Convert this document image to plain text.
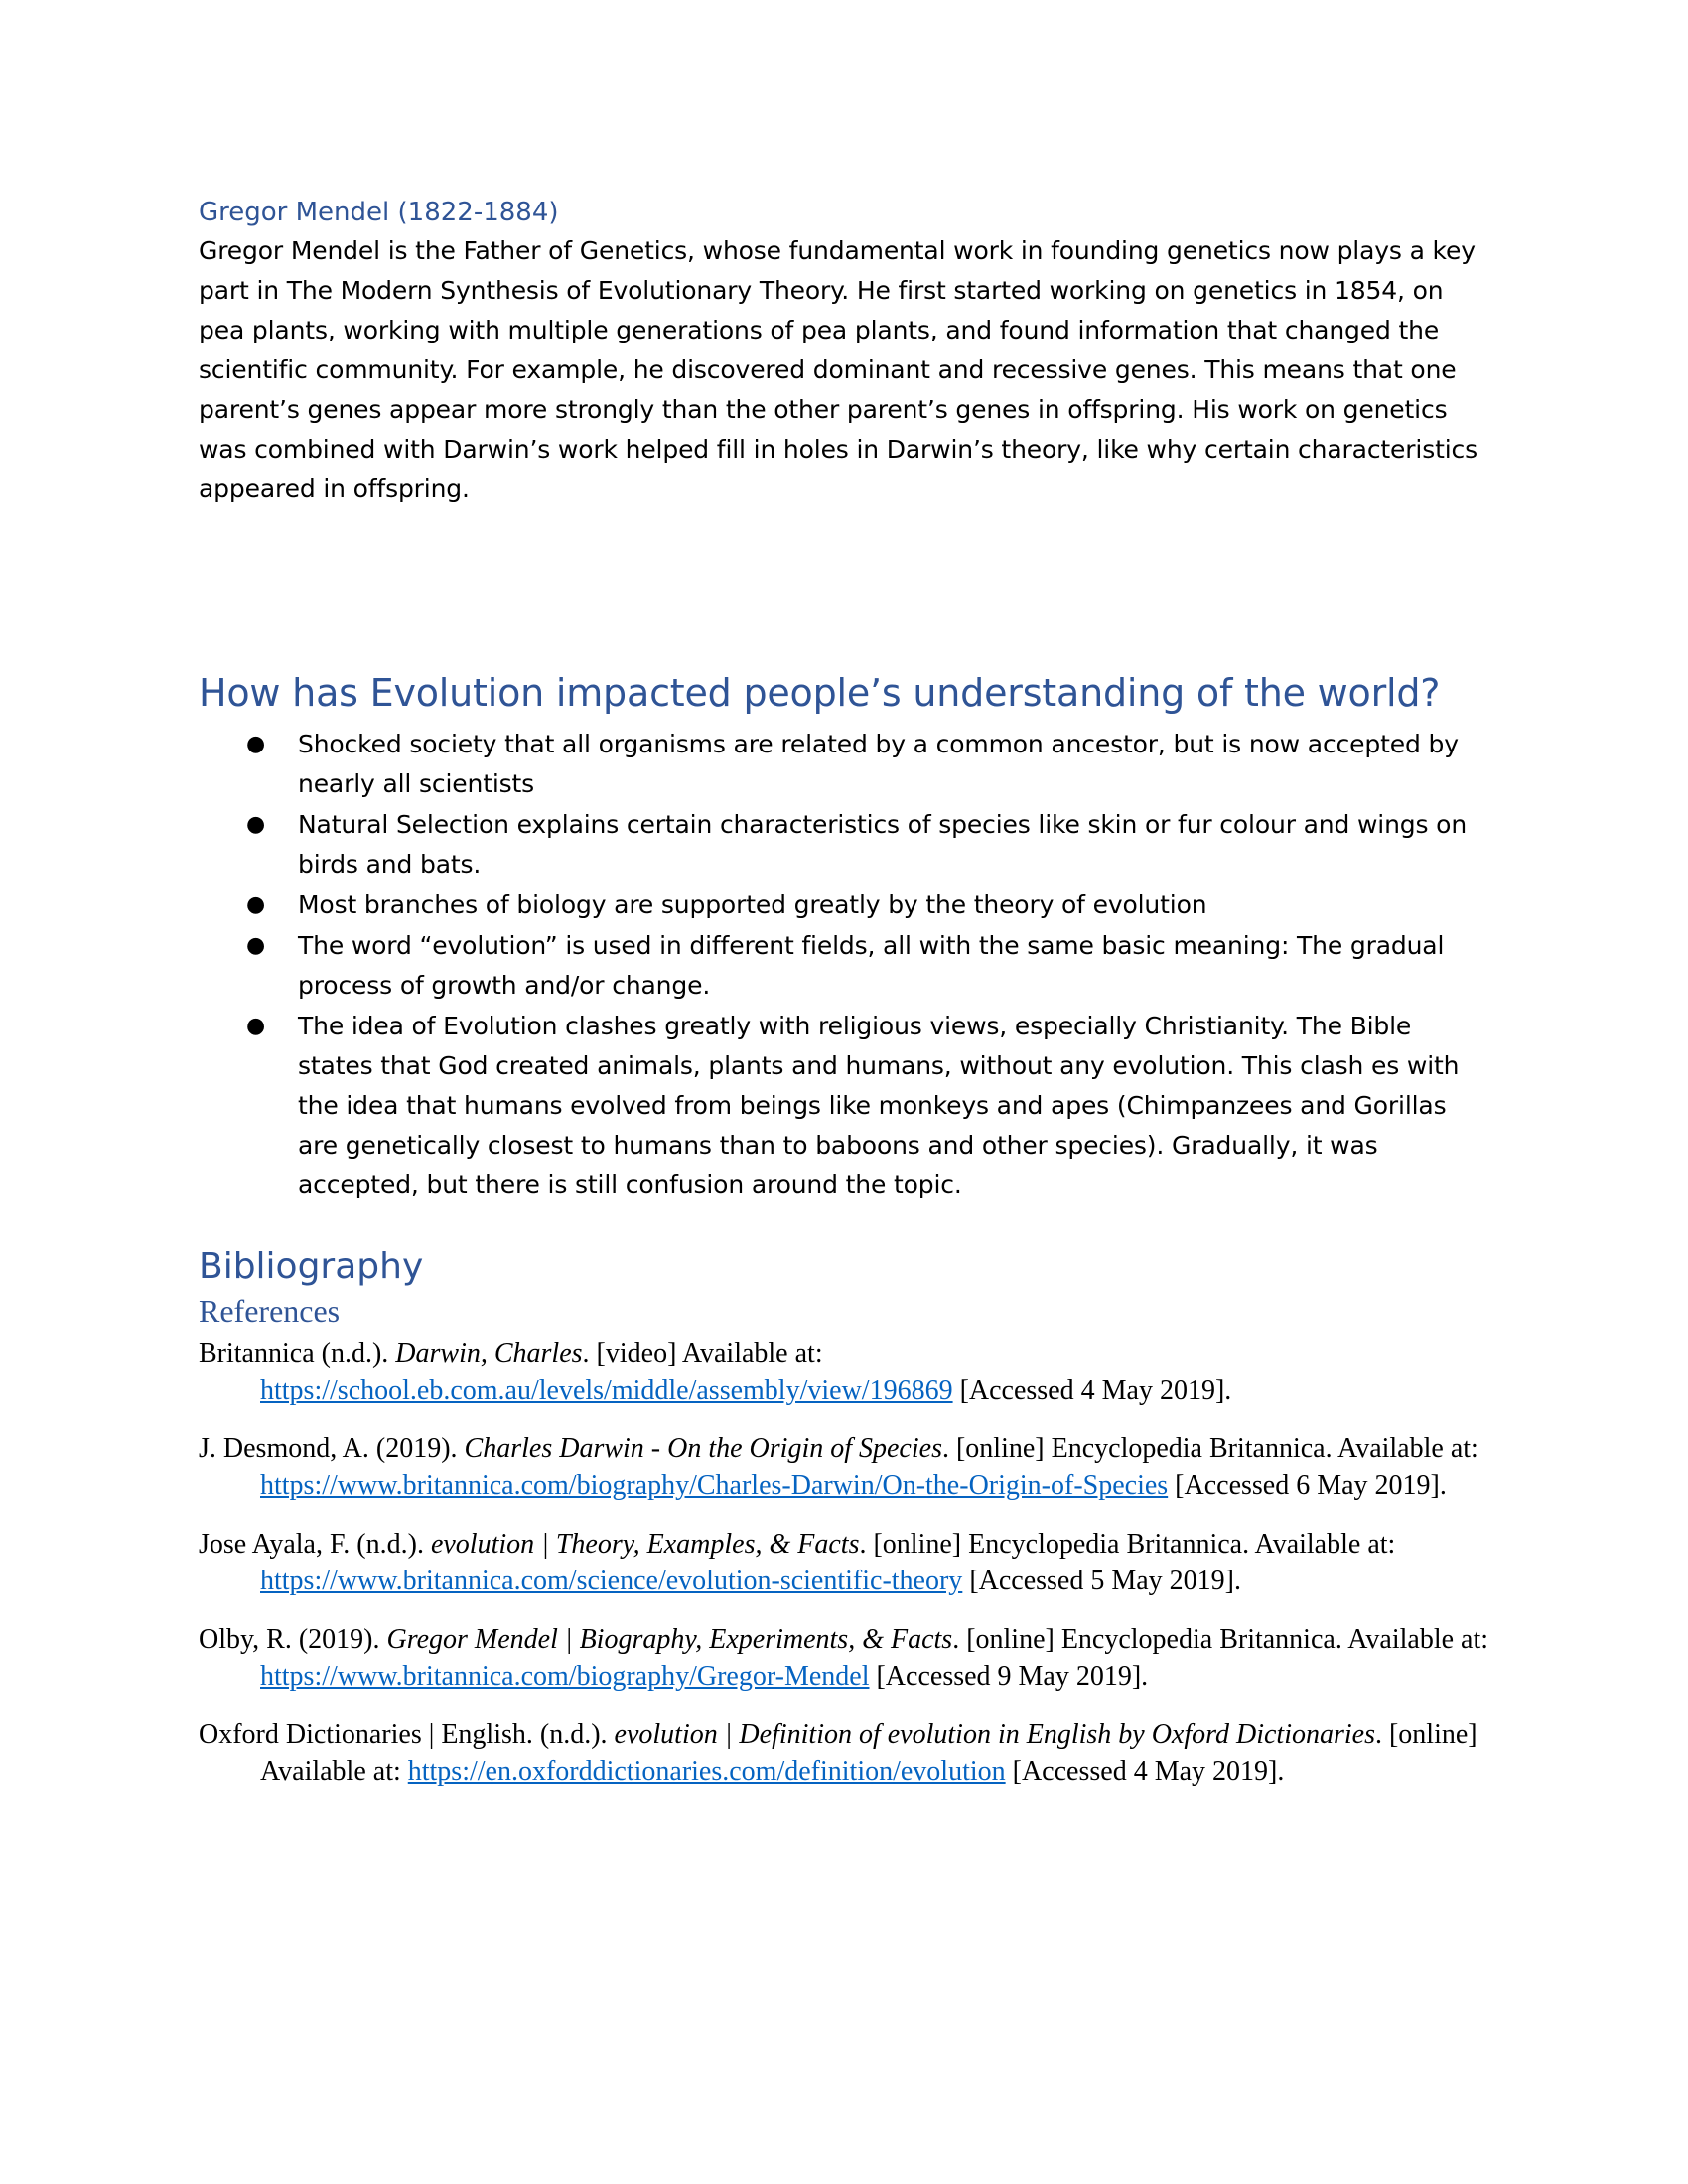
Gregor Mendel (1822-1884)

Gregor Mendel is the Father of Genetics, whose fundamental work in founding genetics now plays a key part in The Modern Synthesis of Evolutionary Theory. He first started working on genetics in 1854, on pea plants, working with multiple generations of pea plants, and found information that changed the scientific community. For example, he discovered dominant and recessive genes. This means that one parent’s genes appear more strongly than the other parent’s genes in offspring. His work on genetics was combined with Darwin’s work helped fill in holes in Darwin’s theory, like why certain characteristics appeared in offspring.

How has Evolution impacted people’s understanding of the world?
● Shocked society that all organisms are related by a common ancestor, but is now accepted by nearly all scientists
● Natural Selection explains certain characteristics of species like skin or fur colour and wings on birds and bats.
● Most branches of biology are supported greatly by the theory of evolution
● The word “evolution” is used in different fields, all with the same basic meaning: The gradual process of growth and/or change.
● The idea of Evolution clashes greatly with religious views, especially Christianity. The Bible states that God created animals, plants and humans, without any evolution. This clash es with the idea that humans evolved from beings like monkeys and apes (Chimpanzees and Gorillas are genetically closest to humans than to baboons and other species). Gradually, it was accepted, but there is still confusion around the topic.
Bibliography
References

Britannica (n.d.). Darwin, Charles. [video] Available at: https://school.eb.com.au/levels/middle/assembly/view/196869 [Accessed 4 May 2019].

J. Desmond, A. (2019). Charles Darwin - On the Origin of Species. [online] Encyclopedia Britannica. Available at: https://www.britannica.com/biography/Charles-Darwin/On-the-Origin-of-Species [Accessed 6 May 2019].

Jose Ayala, F. (n.d.). evolution | Theory, Examples, & Facts. [online] Encyclopedia Britannica. Available at: https://www.britannica.com/science/evolution-scientific-theory [Accessed 5 May 2019].

Olby, R. (2019). Gregor Mendel | Biography, Experiments, & Facts. [online] Encyclopedia Britannica. Available at: https://www.britannica.com/biography/Gregor-Mendel [Accessed 9 May 2019].

Oxford Dictionaries | English. (n.d.). evolution | Definition of evolution in English by Oxford Dictionaries. [online] Available at: https://en.oxforddictionaries.com/definition/evolution [Accessed 4 May 2019].
